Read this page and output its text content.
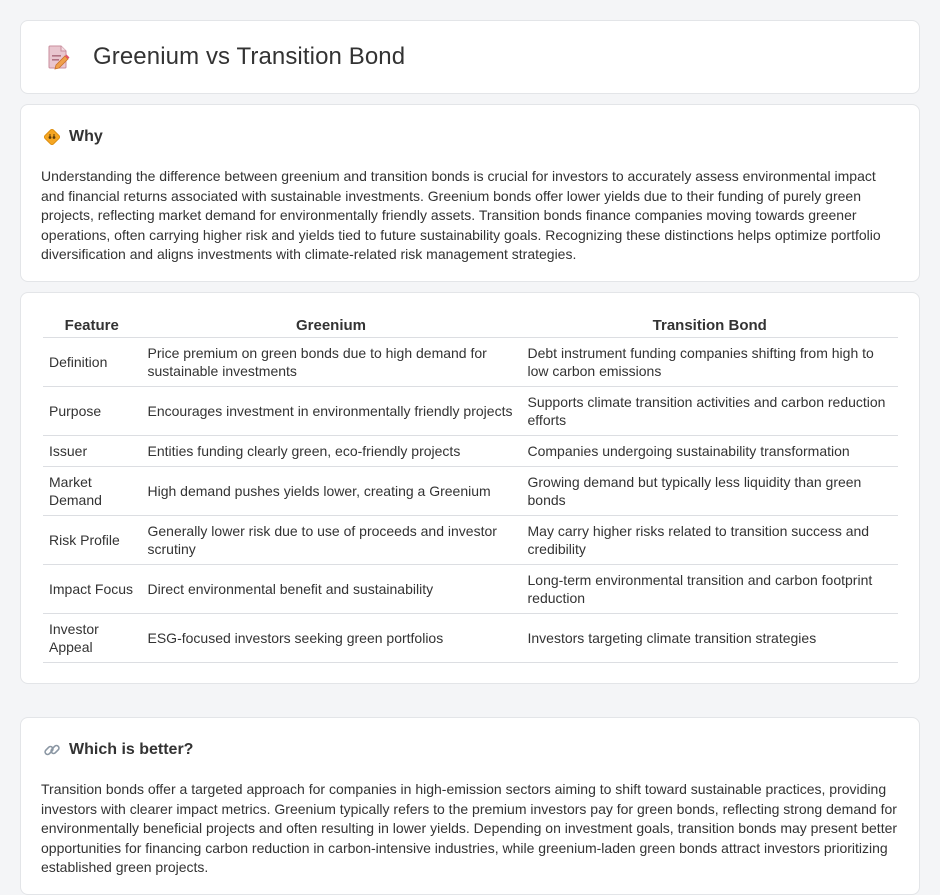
Greenium vs Transition Bond
Why

Understanding the difference between greenium and transition bonds is crucial for investors to accurately assess environmental impact and financial returns associated with sustainable investments. Greenium bonds offer lower yields due to their funding of purely green projects, reflecting market demand for environmentally friendly assets. Transition bonds finance companies moving towards greener operations, often carrying higher risk and yields tied to future sustainability goals. Recognizing these distinctions helps optimize portfolio diversification and aligns investments with climate-related risk management strategies.

Feature	Greenium	Transition Bond
Definition	Price premium on green bonds due to high demand for sustainable investments	Debt instrument funding companies shifting from high to low carbon emissions
Purpose	Encourages investment in environmentally friendly projects	Supports climate transition activities and carbon reduction efforts
Issuer	Entities funding clearly green, eco-friendly projects	Companies undergoing sustainability transformation
Market Demand	High demand pushes yields lower, creating a Greenium	Growing demand but typically less liquidity than green bonds
Risk Profile	Generally lower risk due to use of proceeds and investor scrutiny	May carry higher risks related to transition success and credibility
Impact Focus	Direct environmental benefit and sustainability	Long-term environmental transition and carbon footprint reduction
Investor Appeal	ESG-focused investors seeking green portfolios	Investors targeting climate transition strategies
Which is better?

Transition bonds offer a targeted approach for companies in high-emission sectors aiming to shift toward sustainable practices, providing investors with clearer impact metrics. Greenium typically refers to the premium investors pay for green bonds, reflecting strong demand for environmentally beneficial projects and often resulting in lower yields. Depending on investment goals, transition bonds may present better opportunities for financing carbon reduction in carbon-intensive industries, while greenium-laden green bonds attract investors prioritizing established green projects.
